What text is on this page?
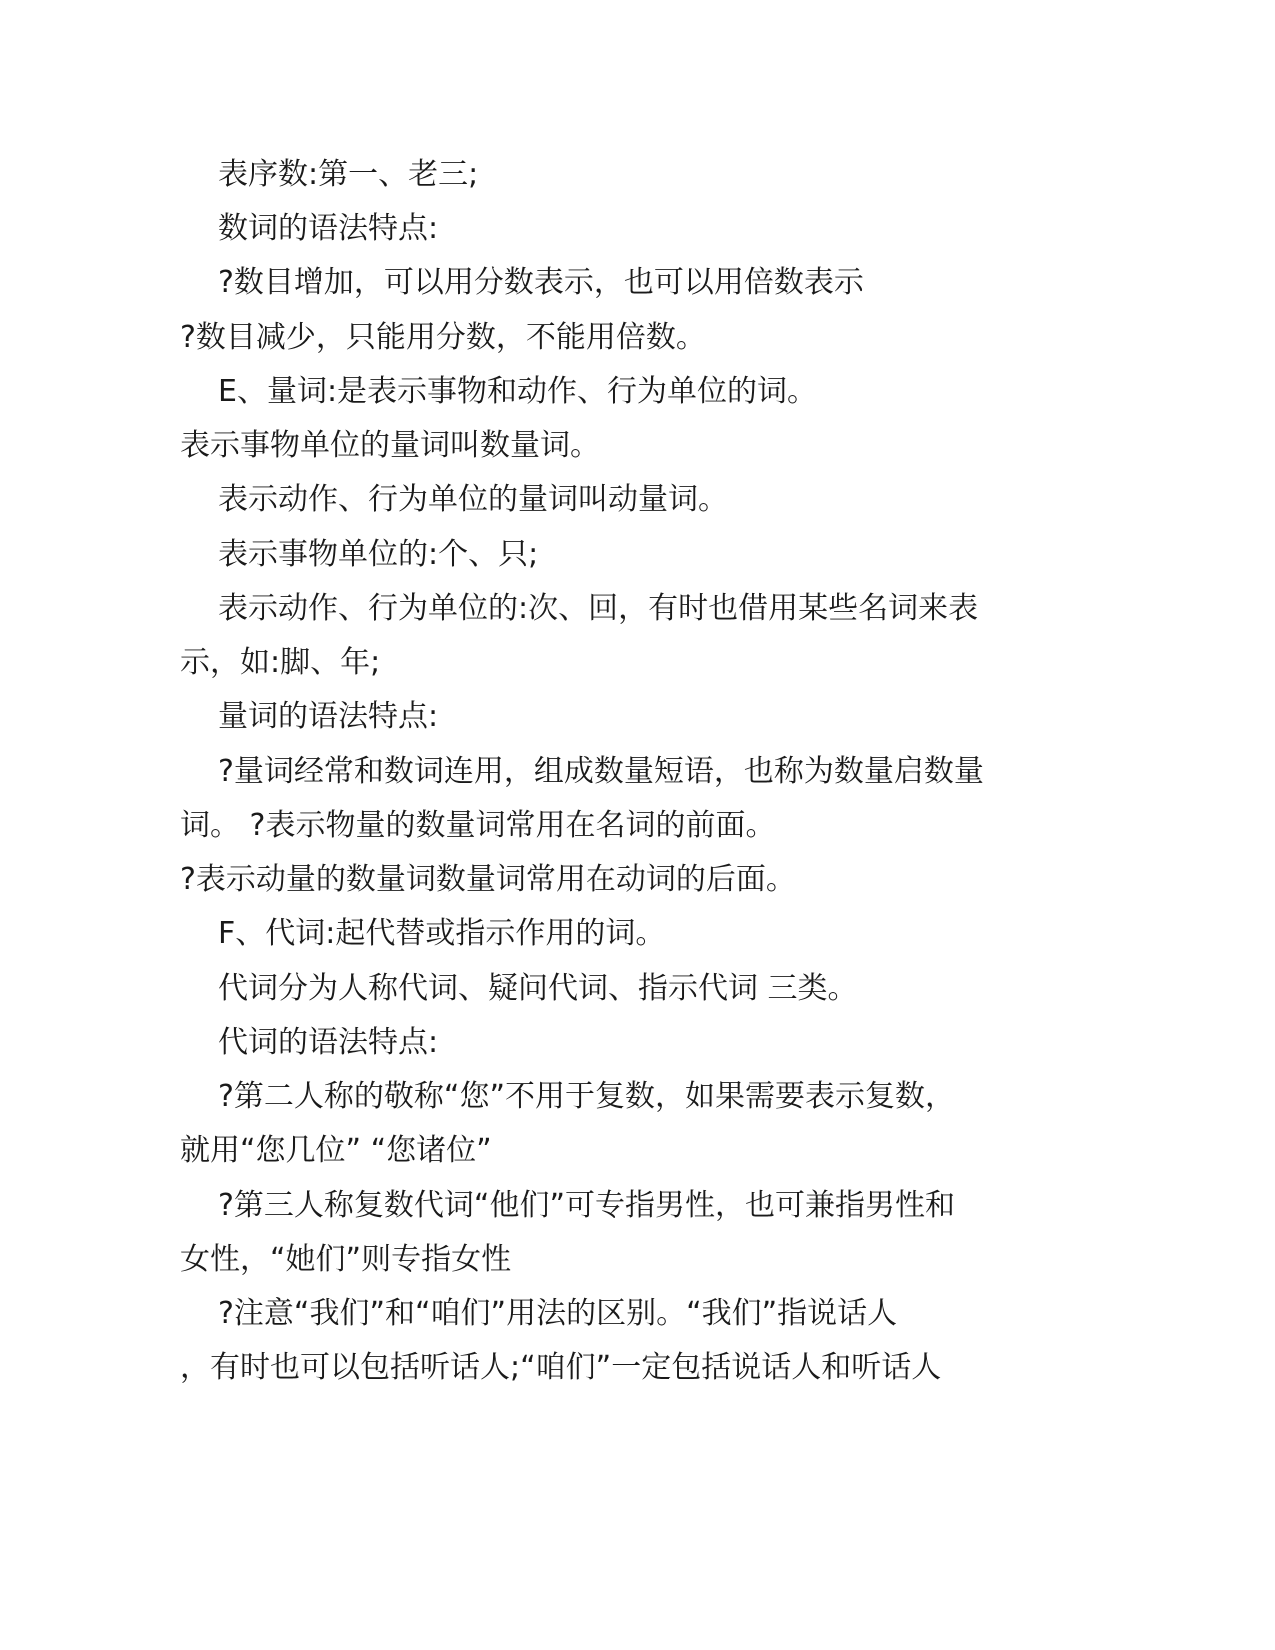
表序数:第一、老三;
数词的语法特点:
?数目增加，可以用分数表示，也可以用倍数表示
?数目减少，只能用分数，不能用倍数。
E、量词:是表示事物和动作、行为单位的词。
表示事物单位的量词叫数量词。
表示动作、行为单位的量词叫动量词。
表示事物单位的:个、只;
表示动作、行为单位的:次、回，有时也借用某些名词来表
示，如:脚、年;
量词的语法特点:
?量词经常和数词连用，组成数量短语，也称为数量启数量
词。 ?表示物量的数量词常用在名词的前面。
?表示动量的数量词数量词常用在动词的后面。
F、代词:起代替或指示作用的词。
代词分为人称代词、疑问代词、指示代词 三类。
代词的语法特点:
?第二人称的敬称“您”不用于复数，如果需要表示复数，
就用“您几位” “您诸位”
?第三人称复数代词“他们”可专指男性，也可兼指男性和
女性，“她们”则专指女性
?注意“我们”和“咱们”用法的区别。“我们”指说话人
，有时也可以包括听话人;“咱们”一定包括说话人和听话人
